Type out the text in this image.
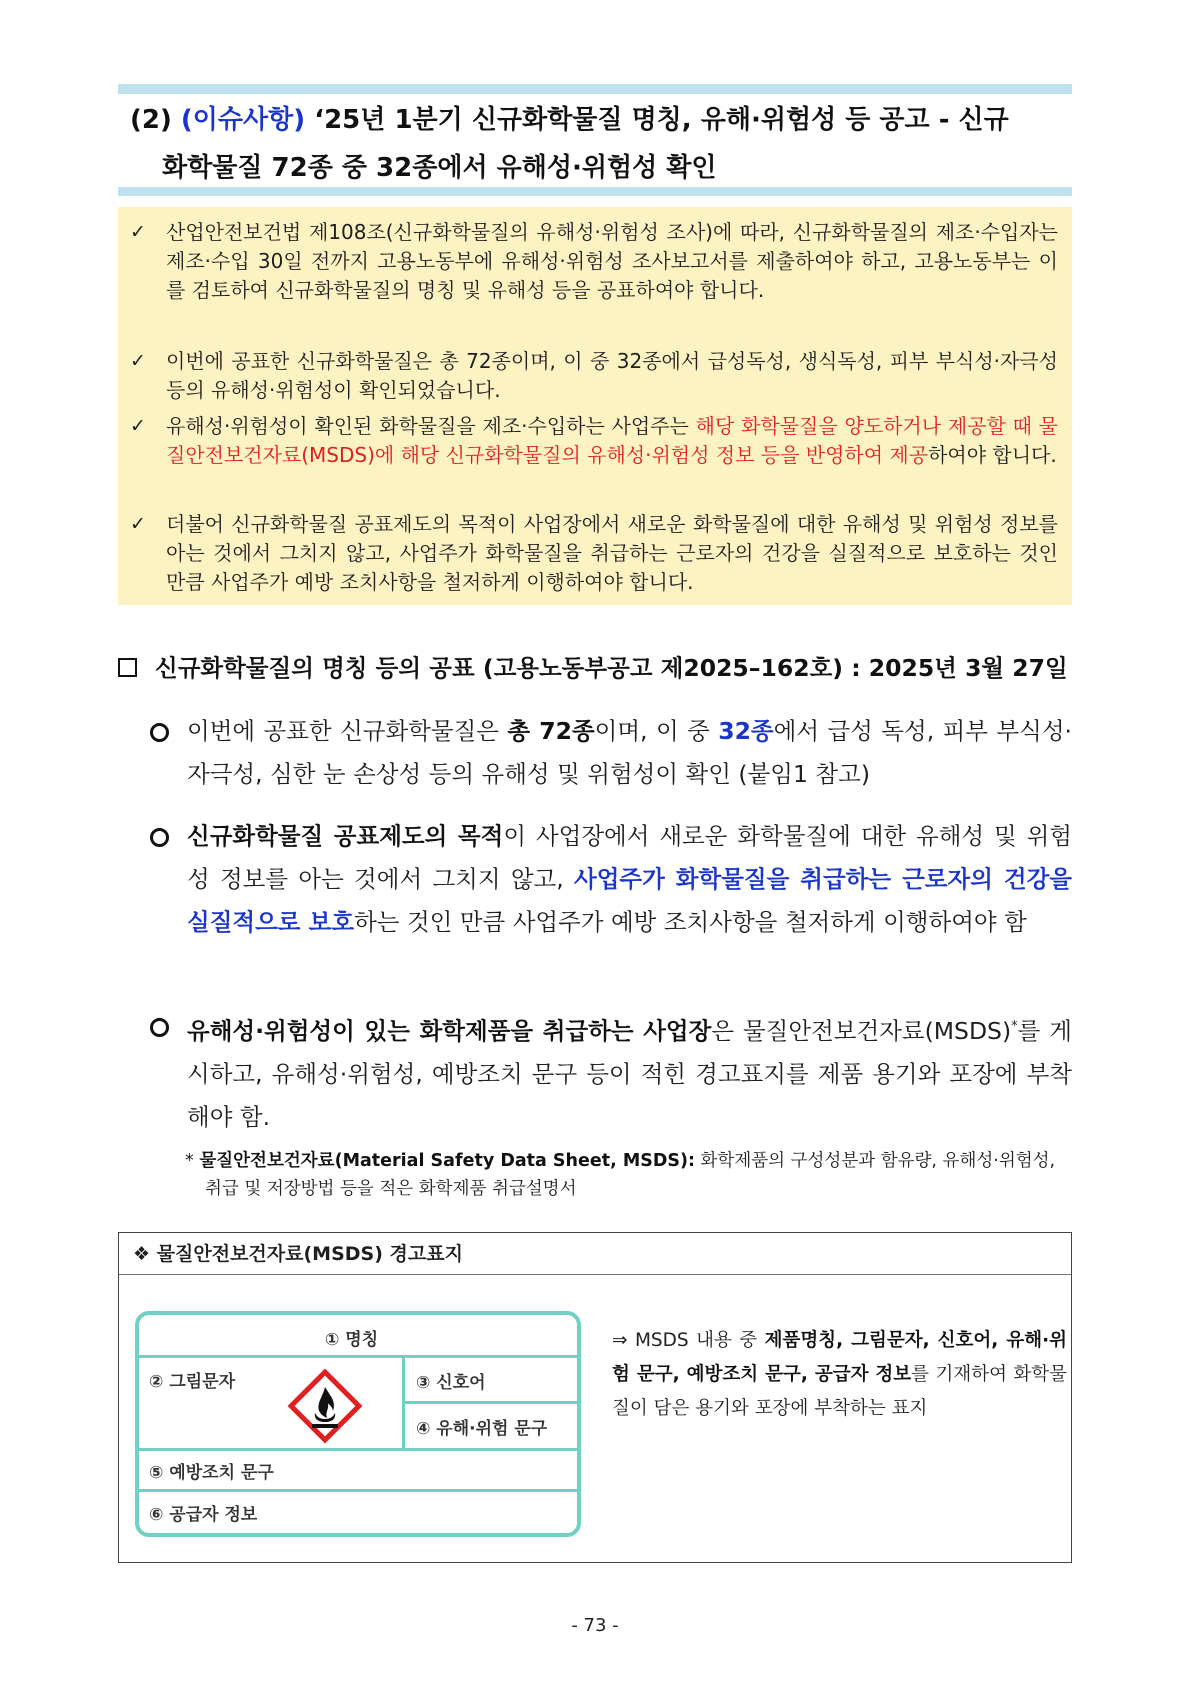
(2) (이슈사항) ‘25년 1분기 신규화학물질 명칭, 유해·위험성 등 공고 - 신규
화학물질 72종 중 32종에서 유해성·위험성 확인
✓ 산업안전보건법 제108조(신규화학물질의 유해성·위험성 조사)에 따라, 신규화학물질의 제조·수입자는 제조·수입 30일 전까지 고용노동부에 유해성·위험성 조사보고서를 제출하여야 하고, 고용노동부는 이를 검토하여 신규화학물질의 명칭 및 유해성 등을 공표하여야 합니다.
✓ 이번에 공표한 신규화학물질은 총 72종이며, 이 중 32종에서 급성독성, 생식독성, 피부 부식성·자극성 등의 유해성·위험성이 확인되었습니다.
✓ 유해성·위험성이 확인된 화학물질을 제조·수입하는 사업주는 해당 화학물질을 양도하거나 제공할 때 물질안전보건자료(MSDS)에 해당 신규화학물질의 유해성·위험성 정보 등을 반영하여 제공하여야 합니다.
✓ 더불어 신규화학물질 공표제도의 목적이 사업장에서 새로운 화학물질에 대한 유해성 및 위험성 정보를 아는 것에서 그치지 않고, 사업주가 화학물질을 취급하는 근로자의 건강을 실질적으로 보호하는 것인 만큼 사업주가 예방 조치사항을 철저하게 이행하여야 합니다.
신규화학물질의 명칭 등의 공표 (고용노동부공고 제2025–162호) : 2025년 3월 27일
이번에 공표한 신규화학물질은 총 72종이며, 이 중 32종에서 급성 독성, 피부 부식성·자극성, 심한 눈 손상성 등의 유해성 및 위험성이 확인 (붙임1 참고)
신규화학물질 공표제도의 목적이 사업장에서 새로운 화학물질에 대한 유해성 및 위험성 정보를 아는 것에서 그치지 않고, 사업주가 화학물질을 취급하는 근로자의 건강을 실질적으로 보호하는 것인 만큼 사업주가 예방 조치사항을 철저하게 이행하여야 함
유해성·위험성이 있는 화학제품을 취급하는 사업장은 물질안전보건자료(MSDS)*를 게시하고, 유해성·위험성, 예방조치 문구 등이 적힌 경고표지를 제품 용기와 포장에 부착해야 함.
* 물질안전보건자료(Material Safety Data Sheet, MSDS): 화학제품의 구성성분과 함유량, 유해성·위험성,
취급 및 저장방법 등을 적은 화학제품 취급설명서
❖ 물질안전보건자료(MSDS) 경고표지
① 명칭
② 그림문자	③ 신호어
④ 유해·위험 문구
⑤ 예방조치 문구
⑥ 공급자 정보
⇒ MSDS 내용 중 제품명칭, 그림문자, 신호어, 유해·위험 문구, 예방조치 문구, 공급자 정보를 기재하여 화학물질이 담은 용기와 포장에 부착하는 표지
- 73 -
